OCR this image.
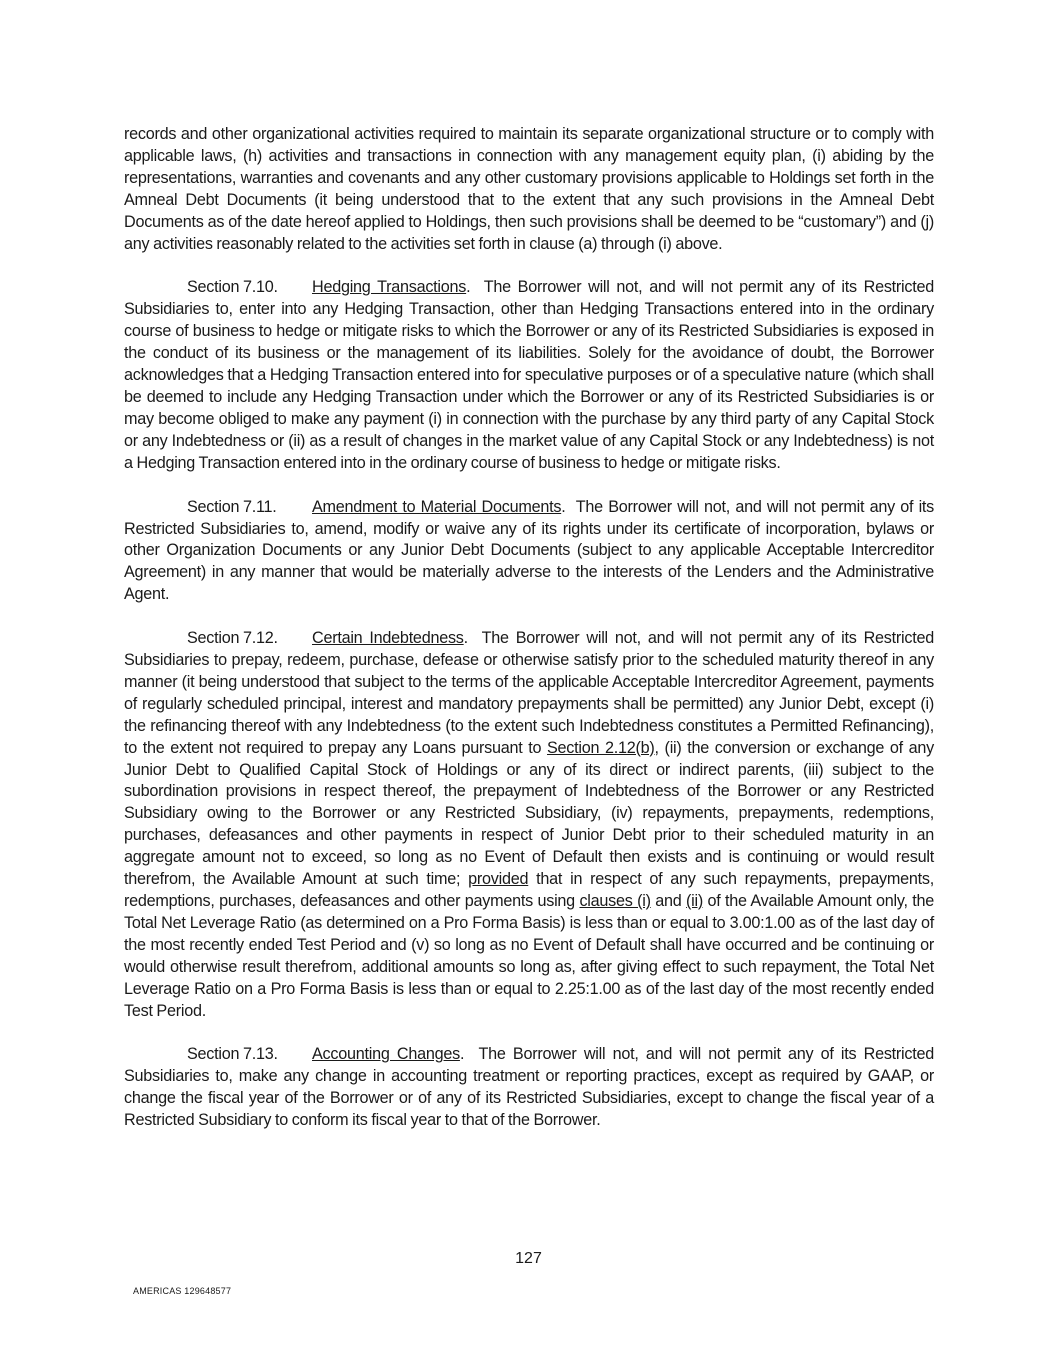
records and other organizational activities required to maintain its separate organizational structure or to comply with applicable laws, (h) activities and transactions in connection with any management equity plan, (i) abiding by the representations, warranties and covenants and any other customary provisions applicable to Holdings set forth in the Amneal Debt Documents (it being understood that to the extent that any such provisions in the Amneal Debt Documents as of the date hereof applied to Holdings, then such provisions shall be deemed to be “customary”) and (j) any activities reasonably related to the activities set forth in clause (a) through (i) above.

Section 7.10. Hedging Transactions.  The Borrower will not, and will not permit any of its Restricted Subsidiaries to, enter into any Hedging Transaction, other than Hedging Transactions entered into in the ordinary course of business to hedge or mitigate risks to which the Borrower or any of its Restricted Subsidiaries is exposed in the conduct of its business or the management of its liabilities. Solely for the avoidance of doubt, the Borrower acknowledges that a Hedging Transaction entered into for speculative purposes or of a speculative nature (which shall be deemed to include any Hedging Transaction under which the Borrower or any of its Restricted Subsidiaries is or may become obliged to make any payment (i) in connection with the purchase by any third party of any Capital Stock or any Indebtedness or (ii) as a result of changes in the market value of any Capital Stock or any Indebtedness) is not a Hedging Transaction entered into in the ordinary course of business to hedge or mitigate risks.

Section 7.11. Amendment to Material Documents.  The Borrower will not, and will not permit any of its Restricted Subsidiaries to, amend, modify or waive any of its rights under its certificate of incorporation, bylaws or other Organization Documents or any Junior Debt Documents (subject to any applicable Acceptable Intercreditor Agreement) in any manner that would be materially adverse to the interests of the Lenders and the Administrative Agent.

Section 7.12. Certain Indebtedness.  The Borrower will not, and will not permit any of its Restricted Subsidiaries to prepay, redeem, purchase, defease or otherwise satisfy prior to the scheduled maturity thereof in any manner (it being understood that subject to the terms of the applicable Acceptable Intercreditor Agreement, payments of regularly scheduled principal, interest and mandatory prepayments shall be permitted) any Junior Debt, except (i) the refinancing thereof with any Indebtedness (to the extent such Indebtedness constitutes a Permitted Refinancing), to the extent not required to prepay any Loans pursuant to Section 2.12(b), (ii) the conversion or exchange of any Junior Debt to Qualified Capital Stock of Holdings or any of its direct or indirect parents, (iii) subject to the subordination provisions in respect thereof, the prepayment of Indebtedness of the Borrower or any Restricted Subsidiary owing to the Borrower or any Restricted Subsidiary, (iv) repayments, prepayments, redemptions, purchases, defeasances and other payments in respect of Junior Debt prior to their scheduled maturity in an aggregate amount not to exceed, so long as no Event of Default then exists and is continuing or would result therefrom, the Available Amount at such time; provided that in respect of any such repayments, prepayments, redemptions, purchases, defeasances and other payments using clauses (i) and (ii) of the Available Amount only, the Total Net Leverage Ratio (as determined on a Pro Forma Basis) is less than or equal to 3.00:1.00 as of the last day of the most recently ended Test Period and (v) so long as no Event of Default shall have occurred and be continuing or would otherwise result therefrom, additional amounts so long as, after giving effect to such repayment, the Total Net Leverage Ratio on a Pro Forma Basis is less than or equal to 2.25:1.00 as of the last day of the most recently ended Test Period.

Section 7.13. Accounting Changes.  The Borrower will not, and will not permit any of its Restricted Subsidiaries to, make any change in accounting treatment or reporting practices, except as required by GAAP, or change the fiscal year of the Borrower or of any of its Restricted Subsidiaries, except to change the fiscal year of a Restricted Subsidiary to conform its fiscal year to that of the Borrower.

127
AMERICAS 129648577
